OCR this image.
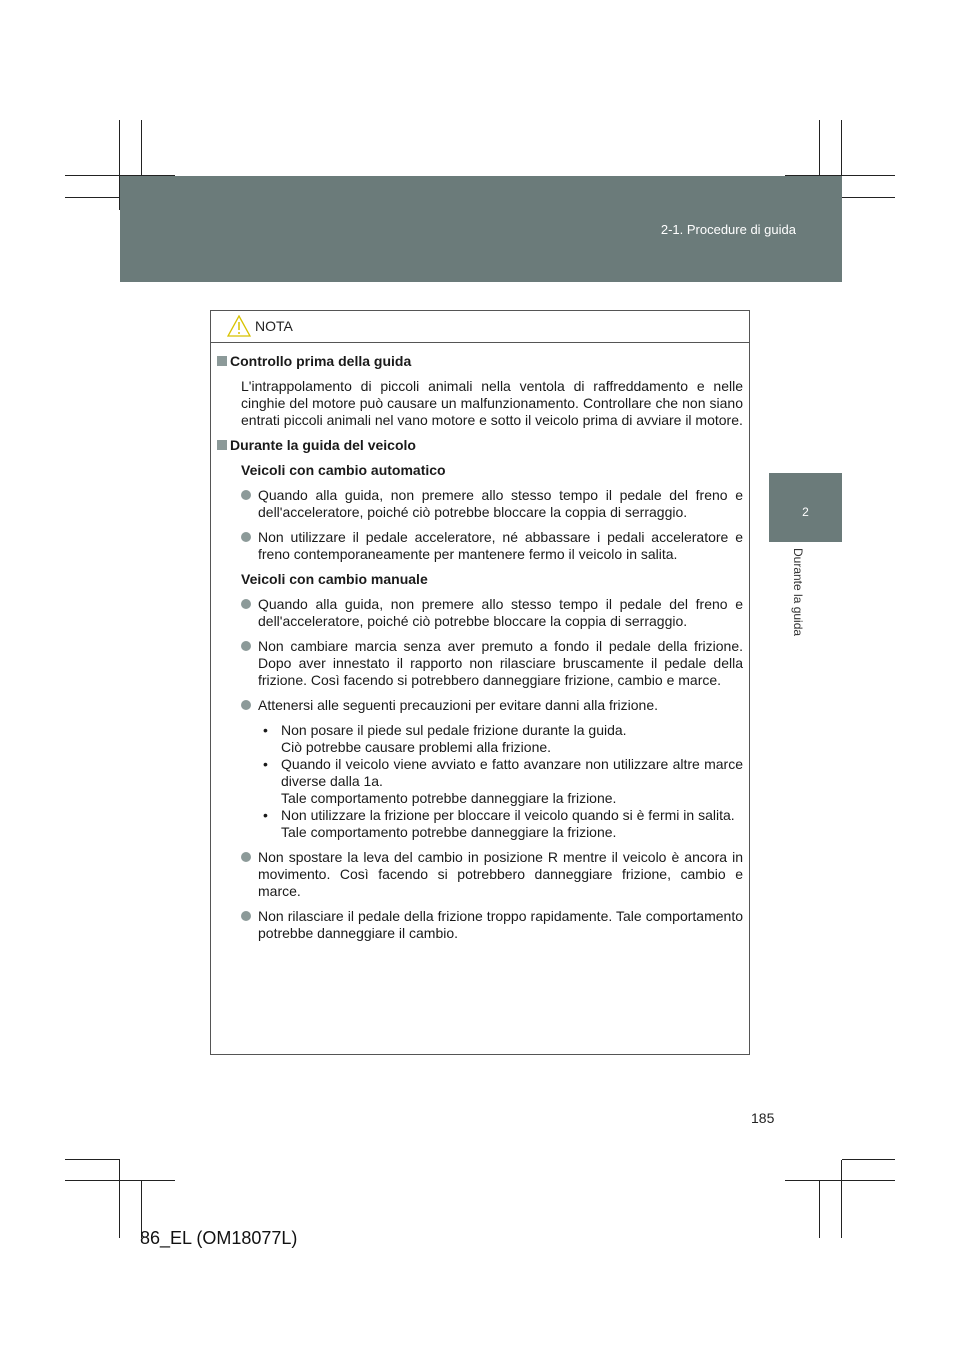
2-1. Procedure di guida
2
Durante la guida
NOTA
Controllo prima della guida
L'intrappolamento di piccoli animali nella ventola di raffreddamento e nelle cinghie del motore può causare un malfunzionamento. Controllare che non siano entrati piccoli animali nel vano motore e sotto il veicolo prima di avviare il motore.
Durante la guida del veicolo
Veicoli con cambio automatico
Quando alla guida, non premere allo stesso tempo il pedale del freno e dell'acceleratore, poiché ciò potrebbe bloccare la coppia di serraggio.
Non utilizzare il pedale acceleratore, né abbassare i pedali acceleratore e freno contemporaneamente per mantenere fermo il veicolo in salita.
Veicoli con cambio manuale
Quando alla guida, non premere allo stesso tempo il pedale del freno e dell'acceleratore, poiché ciò potrebbe bloccare la coppia di serraggio.
Non cambiare marcia senza aver premuto a fondo il pedale della frizione. Dopo aver innestato il rapporto non rilasciare bruscamente il pedale della frizione. Così facendo si potrebbero danneggiare frizione, cambio e marce.
Attenersi alle seguenti precauzioni per evitare danni alla frizione.
• Non posare il piede sul pedale frizione durante la guida.
Ciò potrebbe causare problemi alla frizione.
• Quando il veicolo viene avviato e fatto avanzare non utilizzare altre marce diverse dalla 1a.
Tale comportamento potrebbe danneggiare la frizione.
• Non utilizzare la frizione per bloccare il veicolo quando si è fermi in salita.
Tale comportamento potrebbe danneggiare la frizione.
Non spostare la leva del cambio in posizione R mentre il veicolo è ancora in movimento. Così facendo si potrebbero danneggiare frizione, cambio e marce.
Non rilasciare il pedale della frizione troppo rapidamente. Tale comportamento potrebbe danneggiare il cambio.
185
86_EL (OM18077L)
